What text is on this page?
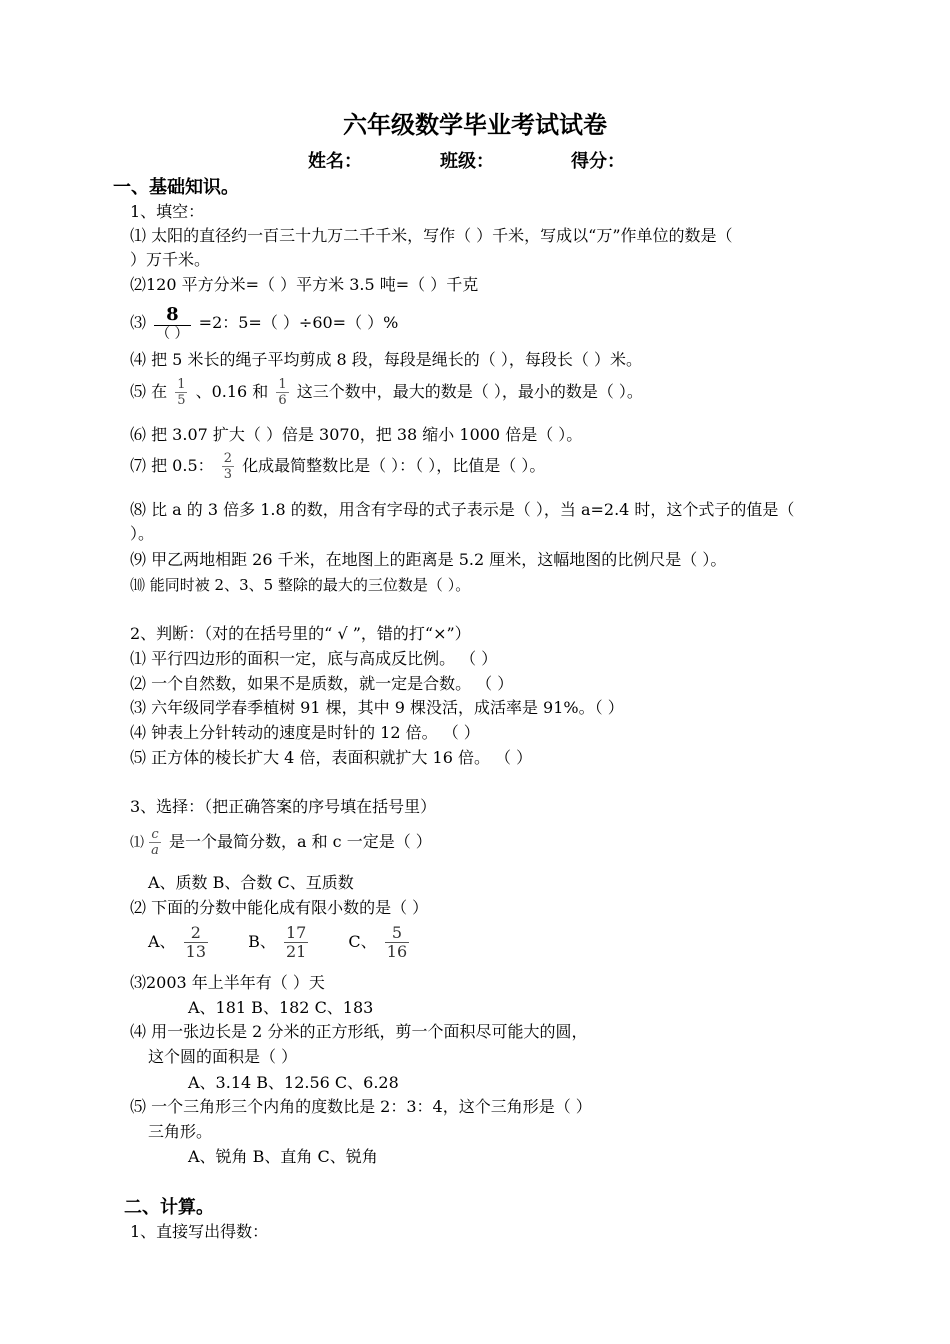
六年级数学毕业考试试卷
姓名：	班级：	得分：
一、基础知识。
1、填空：
⑴ 太阳的直径约一百三十九万二千千米，写作（ ）千米，写成以“万”作单位的数是（
）万千米。
⑵120 平方分米=（ ）平方米 3.5 吨=（ ）千克
⑶ $\frac{8}{( )} =2$：5=（ ）÷60=（ ）%
⑷ 把 5 米长的绳子平均剪成 8 段，每段是绳长的（ ），每段长（ ）米。
⑸ 在 $\frac{1}{5}$ 、0.16 和 $\frac{1}{6}$ 这三个数中，最大的数是（ ），最小的数是（ ）。
⑹ 把 3.07 扩大（ ）倍是 3070，把 38 缩小 1000 倍是（ ）。
⑺ 把 0.5： $\frac{2}{3}$ 化成最简整数比是（ ）：（ ），比值是（ ）。
⑻ 比 a 的 3 倍多 1.8 的数，用含有字母的式子表示是（ ），当 a=2.4 时，这个式子的值是（
）。
⑼ 甲乙两地相距 26 千米，在地图上的距离是 5.2 厘米，这幅地图的比例尺是（ ）。
⑽ 能同时被 2、3、5 整除的最大的三位数是（ ）。
2、判断：（对的在括号里的“ √ ”，错的打“×”）
⑴ 平行四边形的面积一定，底与高成反比例。 （ ）
⑵ 一个自然数，如果不是质数，就一定是合数。 （ ）
⑶ 六年级同学春季植树 91 棵，其中 9 棵没活，成活率是 91%。（ ）
⑷ 钟表上分针转动的速度是时针的 12 倍。 （ ）
⑸ 正方体的棱长扩大 4 倍，表面积就扩大 16 倍。 （ ）
3、选择：（把正确答案的序号填在括号里）
⑴ $\frac{c}{a}$ 是一个最简分数，a 和 c 一定是（ ）
A、质数 B、合数 C、互质数
⑵ 下面的分数中能化成有限小数的是（ ）
A、 $\frac{2}{13}$	B、 $\frac{17}{21}$	C、 $\frac{5}{16}$
⑶2003 年上半年有（ ）天
A、181 B、182 C、183
⑷ 用一张边长是 2 分米的正方形纸，剪一个面积尽可能大的圆，
这个圆的面积是（ ）
A、3.14 B、12.56 C、6.28
⑸ 一个三角形三个内角的度数比是 2：3：4，这个三角形是（ ）
三角形。
A、锐角 B、直角 C、锐角
二、计算。
1、直接写出得数：
